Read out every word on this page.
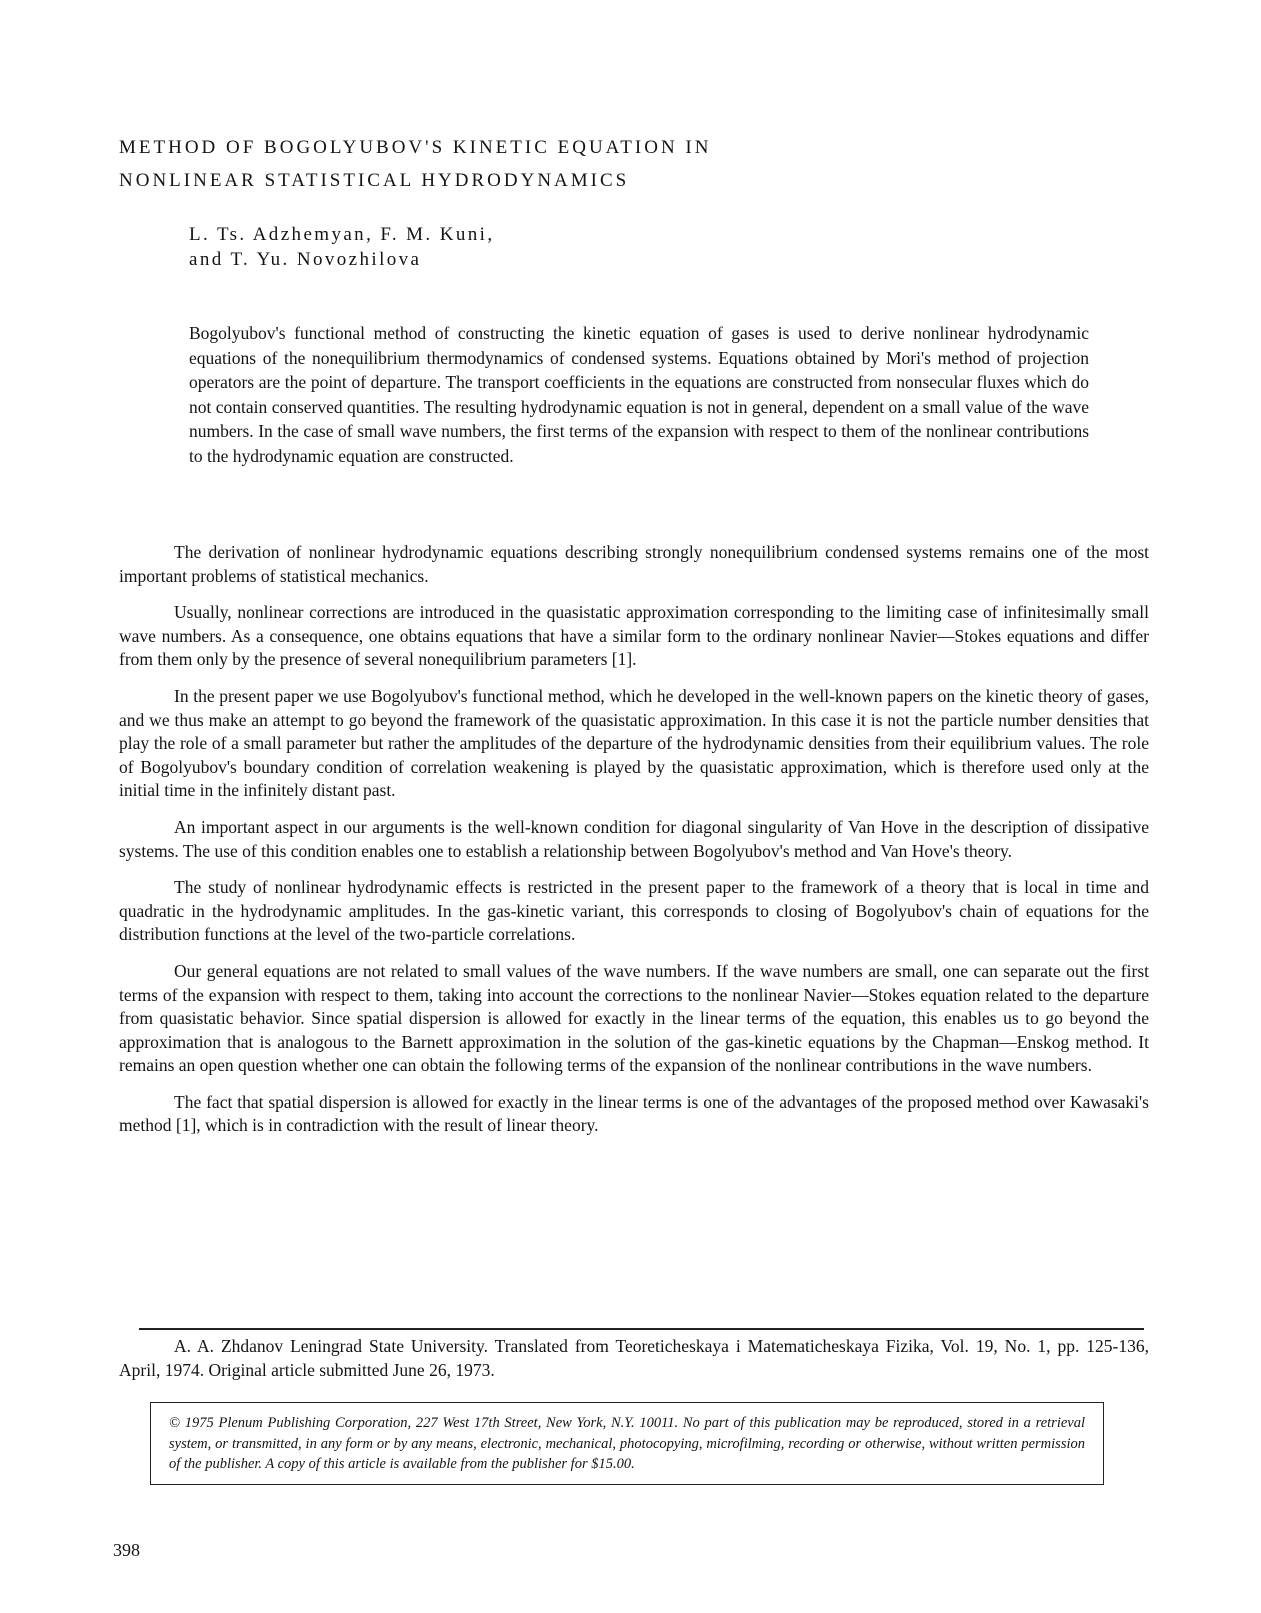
METHOD OF BOGOLYUBOV'S KINETIC EQUATION IN
NONLINEAR STATISTICAL HYDRODYNAMICS
L. Ts. Adzhemyan, F. M. Kuni,
and T. Yu. Novozhilova
Bogolyubov's functional method of constructing the kinetic equation of gases is used to derive nonlinear hydrodynamic equations of the nonequilibrium thermodynamics of condensed systems. Equations obtained by Mori's method of projection operators are the point of departure. The transport coefficients in the equations are constructed from nonsecular fluxes which do not contain conserved quantities. The resulting hydrodynamic equation is not in general, dependent on a small value of the wave numbers. In the case of small wave numbers, the first terms of the expansion with respect to them of the nonlinear contributions to the hydrodynamic equation are constructed.

The derivation of nonlinear hydrodynamic equations describing strongly nonequilibrium condensed systems remains one of the most important problems of statistical mechanics.

Usually, nonlinear corrections are introduced in the quasistatic approximation corresponding to the limiting case of infinitesimally small wave numbers. As a consequence, one obtains equations that have a similar form to the ordinary nonlinear Navier—Stokes equations and differ from them only by the presence of several nonequilibrium parameters [1].

In the present paper we use Bogolyubov's functional method, which he developed in the well-known papers on the kinetic theory of gases, and we thus make an attempt to go beyond the framework of the quasistatic approximation. In this case it is not the particle number densities that play the role of a small parameter but rather the amplitudes of the departure of the hydrodynamic densities from their equilibrium values. The role of Bogolyubov's boundary condition of correlation weakening is played by the quasistatic approximation, which is therefore used only at the initial time in the infinitely distant past.

An important aspect in our arguments is the well-known condition for diagonal singularity of Van Hove in the description of dissipative systems. The use of this condition enables one to establish a relationship between Bogolyubov's method and Van Hove's theory.

The study of nonlinear hydrodynamic effects is restricted in the present paper to the framework of a theory that is local in time and quadratic in the hydrodynamic amplitudes. In the gas-kinetic variant, this corresponds to closing of Bogolyubov's chain of equations for the distribution functions at the level of the two-particle correlations.

Our general equations are not related to small values of the wave numbers. If the wave numbers are small, one can separate out the first terms of the expansion with respect to them, taking into account the corrections to the nonlinear Navier—Stokes equation related to the departure from quasistatic behavior. Since spatial dispersion is allowed for exactly in the linear terms of the equation, this enables us to go beyond the approximation that is analogous to the Barnett approximation in the solution of the gas-kinetic equations by the Chapman—Enskog method. It remains an open question whether one can obtain the following terms of the expansion of the nonlinear contributions in the wave numbers.

The fact that spatial dispersion is allowed for exactly in the linear terms is one of the advantages of the proposed method over Kawasaki's method [1], which is in contradiction with the result of linear theory.

A. A. Zhdanov Leningrad State University. Translated from Teoreticheskaya i Matematicheskaya Fizika, Vol. 19, No. 1, pp. 125-136, April, 1974. Original article submitted June 26, 1973.
© 1975 Plenum Publishing Corporation, 227 West 17th Street, New York, N.Y. 10011. No part of this publication may be reproduced, stored in a retrieval system, or transmitted, in any form or by any means, electronic, mechanical, photocopying, microfilming, recording or otherwise, without written permission of the publisher. A copy of this article is available from the publisher for $15.00.
398
